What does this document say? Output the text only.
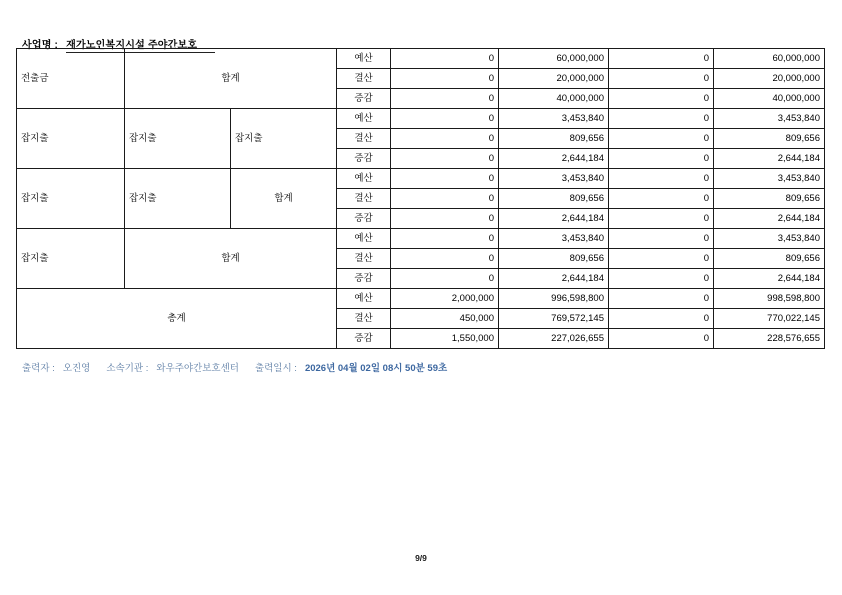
사업명 : 재가노인복지시설 주야간보호
전출금	합계		예산	0	60,000,000	0	60,000,000
			결산	0	20,000,000	0	20,000,000
			증감	0	40,000,000	0	40,000,000
잡지출	잡지출	잡지출	예산	0	3,453,840	0	3,453,840
			결산	0	809,656	0	809,656
			증감	0	2,644,184	0	2,644,184
잡지출	잡지출	합계	예산	0	3,453,840	0	3,453,840
			결산	0	809,656	0	809,656
			증감	0	2,644,184	0	2,644,184
잡지출	합계		예산	0	3,453,840	0	3,453,840
			결산	0	809,656	0	809,656
			증감	0	2,644,184	0	2,644,184
총계			예산	2,000,000	996,598,800	0	998,598,800
			결산	450,000	769,572,145	0	770,022,145
			증감	1,550,000	227,026,655	0	228,576,655
출력자 : 오진영 소속기관 : 와우주야간보호센터 출력일시 : 2026년 04월 02일 08시 50분 59초
9/9
